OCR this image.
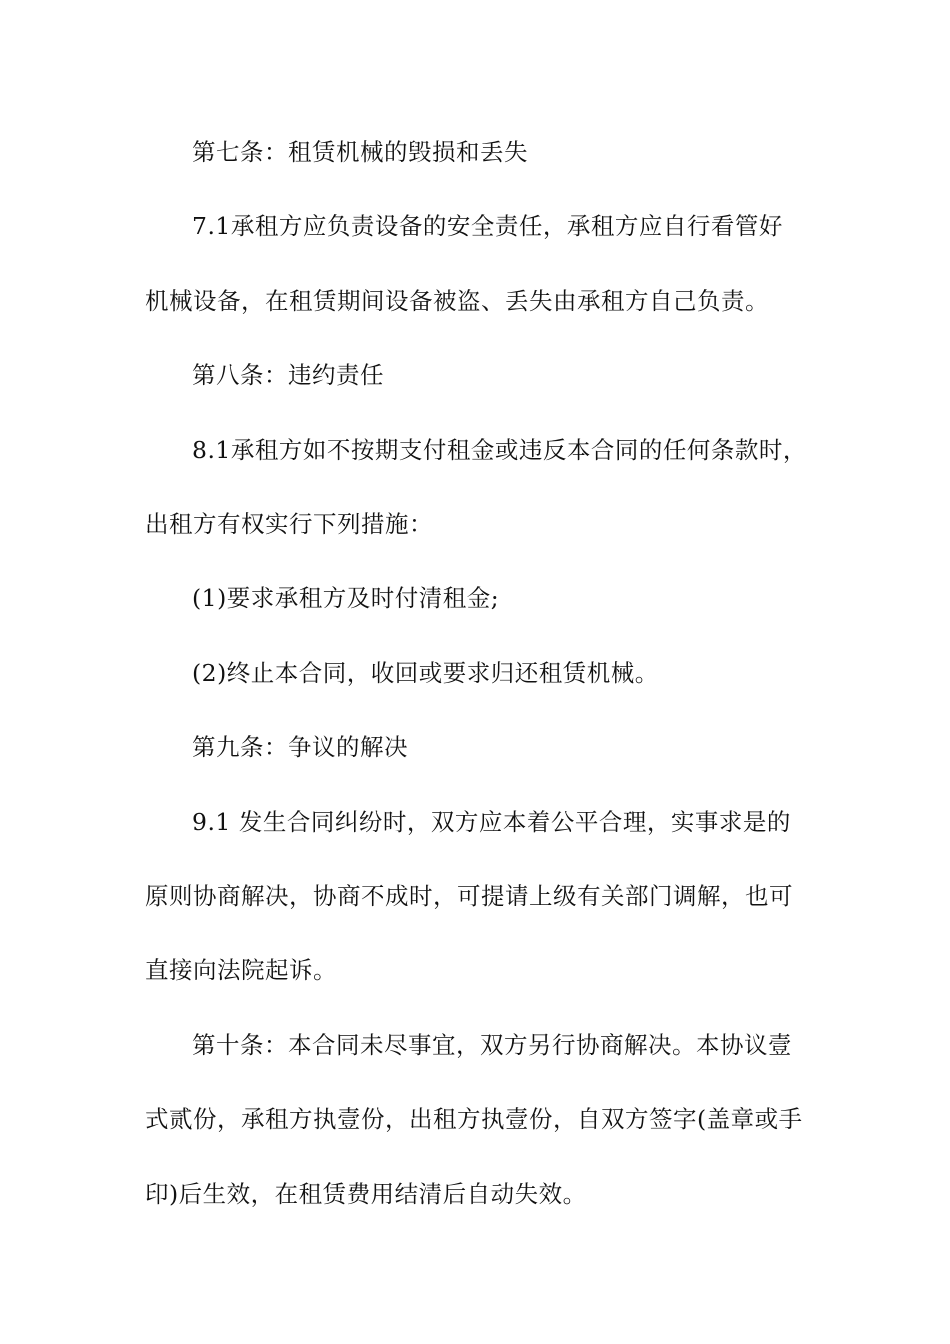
第七条：租赁机械的毁损和丢失
7.1承租方应负责设备的安全责任，承租方应自行看管好
机械设备，在租赁期间设备被盗、丢失由承租方自己负责。
第八条：违约责任
8.1承租方如不按期支付租金或违反本合同的任何条款时，
出租方有权实行下列措施：
(1)要求承租方及时付清租金;
(2)终止本合同，收回或要求归还租赁机械。
第九条：争议的解决
9.1 发生合同纠纷时，双方应本着公平合理，实事求是的
原则协商解决，协商不成时，可提请上级有关部门调解，也可
直接向法院起诉。
第十条：本合同未尽事宜，双方另行协商解决。本协议壹
式贰份，承租方执壹份，出租方执壹份，自双方签字(盖章或手
印)后生效，在租赁费用结清后自动失效。
